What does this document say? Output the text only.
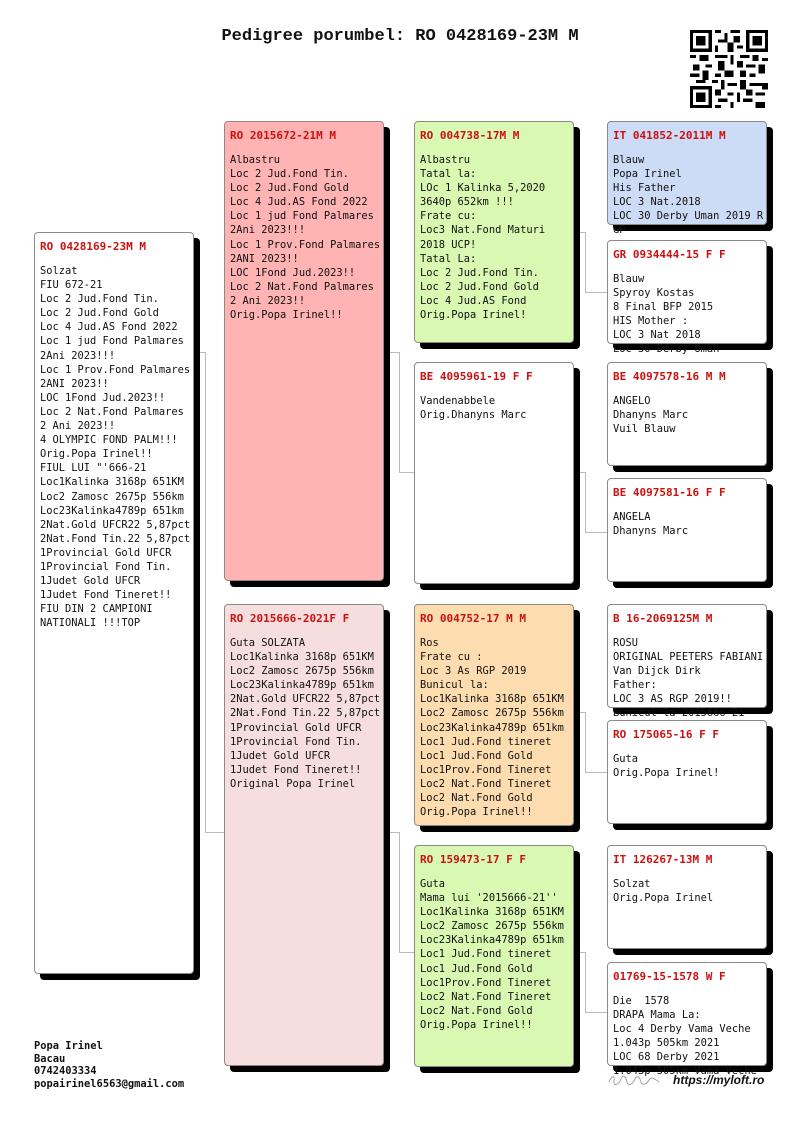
Pedigree porumbel: RO 0428169-23M M
RO 0428169-23M M
Solzat
FIU 672-21
Loc 2 Jud.Fond Tin.
Loc 2 Jud.Fond Gold
Loc 4 Jud.AS Fond 2022
Loc 1 jud Fond Palmares
2Ani 2023!!!
Loc 1 Prov.Fond Palmares
2ANI 2023!!
LOC 1Fond Jud.2023!!
Loc 2 Nat.Fond Palmares
2 Ani 2023!!
4 OLYMPIC FOND PALM!!!
Orig.Popa Irinel!!
FIUL LUI "'666-21
Loc1Kalinka 3168p 651KM
Loc2 Zamosc 2675p 556km
Loc23Kalinka4789p 651km
2Nat.Gold UFCR22 5,87pct
2Nat.Fond Tin.22 5,87pct
1Provincial Gold UFCR
1Provincial Fond Tin.
1Judet Gold UFCR
1Judet Fond Tineret!!
FIU DIN 2 CAMPIONI
NATIONALI !!!TOP
RO 2015672-21M M
Albastru
Loc 2 Jud.Fond Tin.
Loc 2 Jud.Fond Gold
Loc 4 Jud.AS Fond 2022
Loc 1 jud Fond Palmares
2Ani 2023!!!
Loc 1 Prov.Fond Palmares
2ANI 2023!!
LOC 1Fond Jud.2023!!
Loc 2 Nat.Fond Palmares
2 Ani 2023!!
Orig.Popa Irinel!!
RO 2015666-2021F F
Guta SOLZATA
Loc1Kalinka 3168p 651KM
Loc2 Zamosc 2675p 556km
Loc23Kalinka4789p 651km
2Nat.Gold UFCR22 5,87pct
2Nat.Fond Tin.22 5,87pct
1Provincial Gold UFCR
1Provincial Fond Tin.
1Judet Gold UFCR
1Judet Fond Tineret!!
Original Popa Irinel
RO 004738-17M M
Albastru
Tatal la:
LOc 1 Kalinka 5,2020
3640p 652km !!!
Frate cu:
Loc3 Nat.Fond Maturi
2018 UCP!
Tatal La:
Loc 2 Jud.Fond Tin.
Loc 2 Jud.Fond Gold
Loc 4 Jud.AS Fond
Orig.Popa Irinel!
BE 4095961-19 F F
Vandenabbele
Orig.Dhanyns Marc
RO 004752-17 M M
Ros
Frate cu :
Loc 3 As RGP 2019
Bunicul la:
Loc1Kalinka 3168p 651KM
Loc2 Zamosc 2675p 556km
Loc23Kalinka4789p 651km
Loc1 Jud.Fond tineret
Loc1 Jud.Fond Gold
Loc1Prov.Fond Tineret
Loc2 Nat.Fond Tineret
Loc2 Nat.Fond Gold
Orig.Popa Irinel!!
RO 159473-17 F F
Guta
Mama lui '2015666-21''
Loc1Kalinka 3168p 651KM
Loc2 Zamosc 2675p 556km
Loc23Kalinka4789p 651km
Loc1 Jud.Fond tineret
Loc1 Jud.Fond Gold
Loc1Prov.Fond Tineret
Loc2 Nat.Fond Tineret
Loc2 Nat.Fond Gold
Orig.Popa Irinel!!
IT 041852-2011M M
Blauw
Popa Irinel
His Father
LOC 3 Nat.2018
LOC 30 Derby Uman 2019 R
GP
GR 0934444-15 F F
Blauw
Spyroy Kostas
8 Final BFP 2015
HIS Mother :
LOC 3 Nat 2018
Loc 30 Derby Uman
BE 4097578-16 M M
ANGELO
Dhanyns Marc
Vuil Blauw
BE 4097581-16 F F
ANGELA
Dhanyns Marc
B 16-2069125M M
ROSU
ORIGINAL PEETERS FABIANI
Van Dijck Dirk
Father:
LOC 3 AS RGP 2019!!
Bunicul la 2015666-21
RO 175065-16 F F
Guta
Orig.Popa Irinel!
IT 126267-13M M
Solzat
Orig.Popa Irinel
01769-15-1578 W F
Die  1578
DRAPA Mama La:
Loc 4 Derby Vama Veche
1.043p 505km 2021
LOC 68 Derby 2021
1.043p 505km Vama Veche
Popa Irinel
Bacau
0742403334
popairinel6563@gmail.com	https://myloft.ro
